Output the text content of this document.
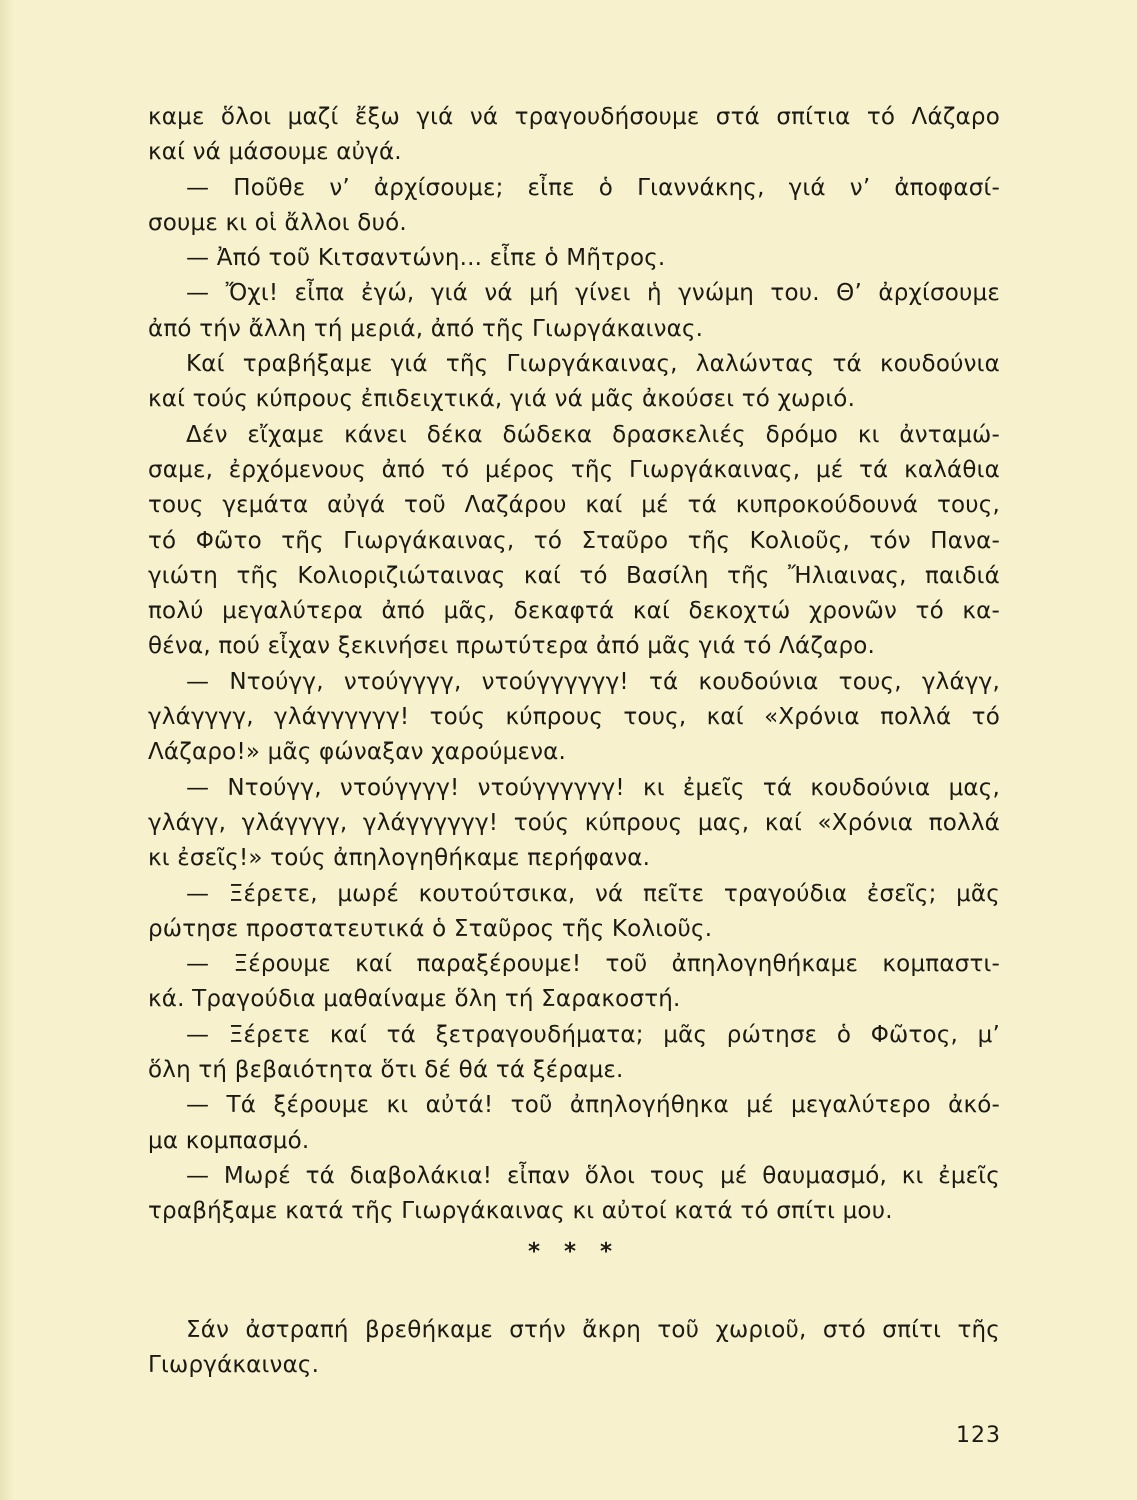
καμε ὅλοι μαζί ἔξω γιά νά τραγουδήσουμε στά σπίτια τό Λάζαρο
καί νά μάσουμε αὐγά.
— Ποῦθε ν’ ἀρχίσουμε; εἶπε ὁ Γιαννάκης, γιά ν’ ἀποφασί-
σουμε κι οἱ ἄλλοι δυό.
— Ἀπό τοῦ Κιτσαντώνη... εἶπε ὁ Μῆτρος.
— Ὄχι! εἶπα ἐγώ, γιά νά μή γίνει ἡ γνώμη του. Θ’ ἀρχίσουμε
ἀπό τήν ἄλλη τή μεριά, ἀπό τῆς Γιωργάκαινας.
Καί τραβήξαμε γιά τῆς Γιωργάκαινας, λαλώντας τά κουδούνια
καί τούς κύπρους ἐπιδειχτικά, γιά νά μᾶς ἀκούσει τό χωριό.
Δέν εἴχαμε κάνει δέκα δώδεκα δρασκελιές δρόμο κι ἀνταμώ-
σαμε, ἐρχόμενους ἀπό τό μέρος τῆς Γιωργάκαινας, μέ τά καλάθια
τους γεμάτα αὐγά τοῦ Λαζάρου καί μέ τά κυπροκούδουνά τους,
τό Φῶτο τῆς Γιωργάκαινας, τό Σταῦρο τῆς Κολιοῦς, τόν Πανα-
γιώτη τῆς Κολιοριζιώταινας καί τό Βασίλη τῆς Ἤλιαινας, παιδιά
πολύ μεγαλύτερα ἀπό μᾶς, δεκαφτά καί δεκοχτώ χρονῶν τό κα-
θένα, πού εἶχαν ξεκινήσει πρωτύτερα ἀπό μᾶς γιά τό Λάζαρο.
— Ντούγγ, ντούγγγγ, ντούγγγγγγ! τά κουδούνια τους, γλάγγ,
γλάγγγγ, γλάγγγγγγ! τούς κύπρους τους, καί «Χρόνια πολλά τό
Λάζαρο!» μᾶς φώναξαν χαρούμενα.
— Ντούγγ, ντούγγγγ! ντούγγγγγγ! κι ἐμεῖς τά κουδούνια μας,
γλάγγ, γλάγγγγ, γλάγγγγγγ! τούς κύπρους μας, καί «Χρόνια πολλά
κι ἐσεῖς!» τούς ἀπηλογηθήκαμε περήφανα.
— Ξέρετε, μωρέ κουτούτσικα, νά πεῖτε τραγούδια ἐσεῖς; μᾶς
ρώτησε προστατευτικά ὁ Σταῦρος τῆς Κολιοῦς.
— Ξέρουμε καί παραξέρουμε! τοῦ ἀπηλογηθήκαμε κομπαστι-
κά. Τραγούδια μαθαίναμε ὅλη τή Σαρακοστή.
— Ξέρετε καί τά ξετραγουδήματα; μᾶς ρώτησε ὁ Φῶτος, μ’
ὅλη τή βεβαιότητα ὅτι δέ θά τά ξέραμε.
— Τά ξέρουμε κι αὐτά! τοῦ ἀπηλογήθηκα μέ μεγαλύτερο ἀκό-
μα κομπασμό.
— Μωρέ τά διαβολάκια! εἶπαν ὅλοι τους μέ θαυμασμό, κι ἐμεῖς
τραβήξαμε κατά τῆς Γιωργάκαινας κι αὐτοί κατά τό σπίτι μου.
* * *
Σάν ἀστραπή βρεθήκαμε στήν ἄκρη τοῦ χωριοῦ, στό σπίτι τῆς
Γιωργάκαινας.
123
